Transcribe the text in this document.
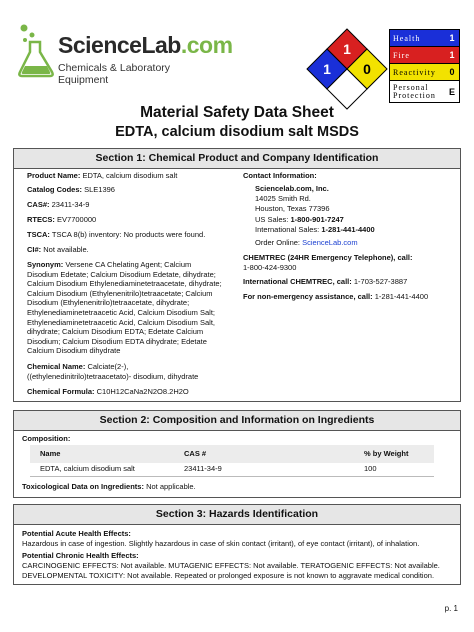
ScienceLab.com
Chemicals & Laboratory Equipment
1
1 0
Health	1
Fire	1
Reactivity	0
Personal
Protection	E
Material Safety Data Sheet
EDTA, calcium disodium salt MSDS
Section 1: Chemical Product and Company Identification
Product Name: EDTA, calcium disodium salt
Catalog Codes: SLE1396
CAS#: 23411-34-9
RTECS: EV7700000
TSCA: TSCA 8(b) inventory: No products were found.
CI#: Not available.
Synonym: Versene CA Chelating Agent; Calcium
Disodium Edetate; Calcium Disodium Edetate, dihydrate;
Calcium Disodium Ethylenediaminetetraacetate, dihydrate;
Calcium Disodium (Ethylenenitrilo)tetraacetate; Calcium
Disodium (Ethylenenitrilo)tetraacetate, dihydrate;
Ethylenediaminetetraacetic Acid, Calcium Disodium Salt;
Ethylenediaminetetraacetic Acid, Calcium Disodium Salt,
dihydrate; Calcium Disodium EDTA; Edetate Calcium
Disodium; Calcium Disodium EDTA dihydrate; Edetate
Calcium Disodium dihydrate
Chemical Name: Calciate(2-),
((ethylenedinitrilo)tetraacetato)- disodium, dihydrate
Chemical Formula: C10H12CaNa2N2O8.2H2O
Contact Information:
Sciencelab.com, Inc.
14025 Smith Rd.
Houston, Texas 77396
US Sales: 1-800-901-7247
International Sales: 1-281-441-4400
Order Online: ScienceLab.com
CHEMTREC (24HR Emergency Telephone), call:
1-800-424-9300
International CHEMTREC, call: 1-703-527-3887
For non-emergency assistance, call: 1-281-441-4400
Section 2: Composition and Information on Ingredients
Composition:
Name	CAS #	% by Weight
EDTA, calcium disodium salt	23411-34-9	100
Toxicological Data on Ingredients: Not applicable.
Section 3: Hazards Identification
Potential Acute Health Effects:
Hazardous in case of ingestion. Slightly hazardous in case of skin contact (irritant), of eye contact (irritant), of inhalation.
Potential Chronic Health Effects:
CARCINOGENIC EFFECTS: Not available. MUTAGENIC EFFECTS: Not available. TERATOGENIC EFFECTS: Not available.
DEVELOPMENTAL TOXICITY: Not available. Repeated or prolonged exposure is not known to aggravate medical condition.
p. 1
